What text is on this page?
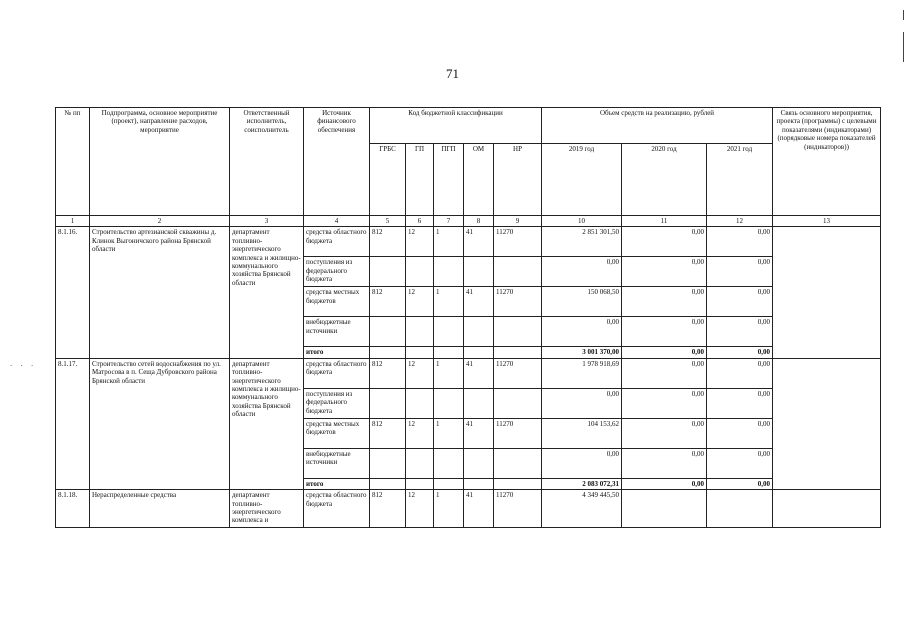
. . .
71
№ пп	Подпрограмма, основное мероприятие (проект), направление расходов, мероприятие	Ответственный исполнитель, соисполнитель	Источник финансового обеспечения	Код бюджетной классификации					Объем средств на реализацию, рублей			Связь основного мероприятия, проекта (программы) с целевыми показателями (индикаторами) (порядковые номера показателей (индикаторов))
				ГРБС	ГП	ПГП	ОМ	НР	2019 год	2020 год	2021 год	
1	2	3	4	5	6	7	8	9	10	11	12	13
8.1.16.	Строительство артезианской скважины д. Клинок Выгоничского района Брянской области	департамент топливно-энергетического комплекса и жилищно-коммунального хозяйства Брянской области	средства областного бюджета	812	12	1	41	11270	2 851 301,50	0,00	0,00	
			поступления из федерального бюджета						0,00	0,00	0,00	
			средства местных бюджетов	812	12	1	41	11270	150 068,50	0,00	0,00	
			внебюджетные источники						0,00	0,00	0,00	
			итого						3 001 370,00	0,00	0,00	
8.1.17.	Строительство сетей водоснабжения по ул. Матросова в п. Сеща Дубровского района Брянской области	департамент топливно-энергетического комплекса и жилищно-коммунального хозяйства Брянской области	средства областного бюджета	812	12	1	41	11270	1 978 918,69	0,00	0,00	
			поступления из федерального бюджета						0,00	0,00	0,00	
			средства местных бюджетов	812	12	1	41	11270	104 153,62	0,00	0,00	
			внебюджетные источники						0,00	0,00	0,00	
			итого						2 083 072,31	0,00	0,00	
8.1.18.	Нераспределенные средства	департамент топливно-энергетического комплекса и	средства областного бюджета	812	12	1	41	11270	4 349 445,50			
